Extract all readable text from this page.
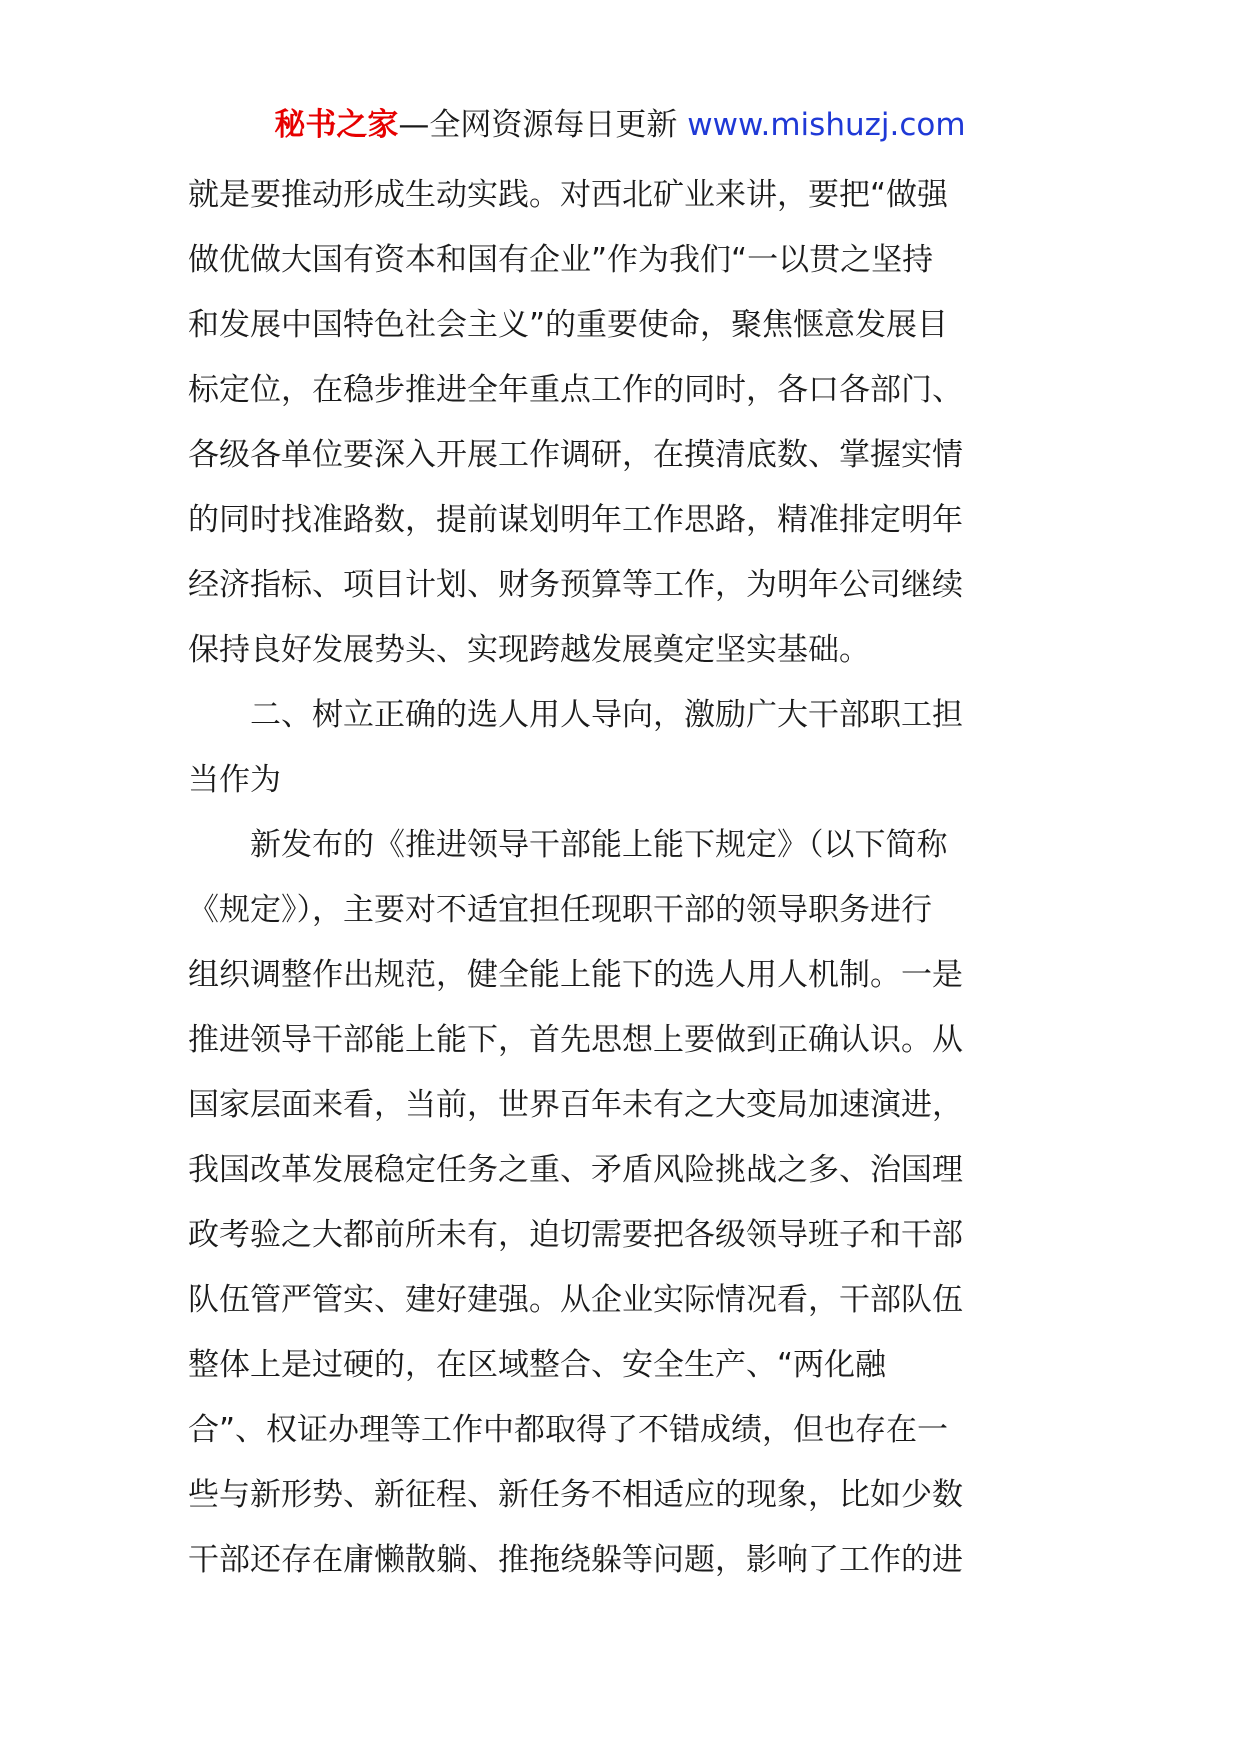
秘书之家—全网资源每日更新 www.mishuzj.com
就是要推动形成生动实践。对西北矿业来讲，要把“做强
做优做大国有资本和国有企业”作为我们“一以贯之坚持
和发展中国特色社会主义”的重要使命，聚焦惬意发展目
标定位，在稳步推进全年重点工作的同时，各口各部门、
各级各单位要深入开展工作调研，在摸清底数、掌握实情
的同时找准路数，提前谋划明年工作思路，精准排定明年
经济指标、项目计划、财务预算等工作，为明年公司继续
保持良好发展势头、实现跨越发展奠定坚实基础。
　　二、树立正确的选人用人导向，激励广大干部职工担
当作为
　　新发布的《推进领导干部能上能下规定》（以下简称
《规定》），主要对不适宜担任现职干部的领导职务进行
组织调整作出规范，健全能上能下的选人用人机制。一是
推进领导干部能上能下，首先思想上要做到正确认识。从
国家层面来看，当前，世界百年未有之大变局加速演进，
我国改革发展稳定任务之重、矛盾风险挑战之多、治国理
政考验之大都前所未有，迫切需要把各级领导班子和干部
队伍管严管实、建好建强。从企业实际情况看，干部队伍
整体上是过硬的，在区域整合、安全生产、“两化融
合”、权证办理等工作中都取得了不错成绩，但也存在一
些与新形势、新征程、新任务不相适应的现象，比如少数
干部还存在庸懒散躺、推拖绕躲等问题，影响了工作的进
